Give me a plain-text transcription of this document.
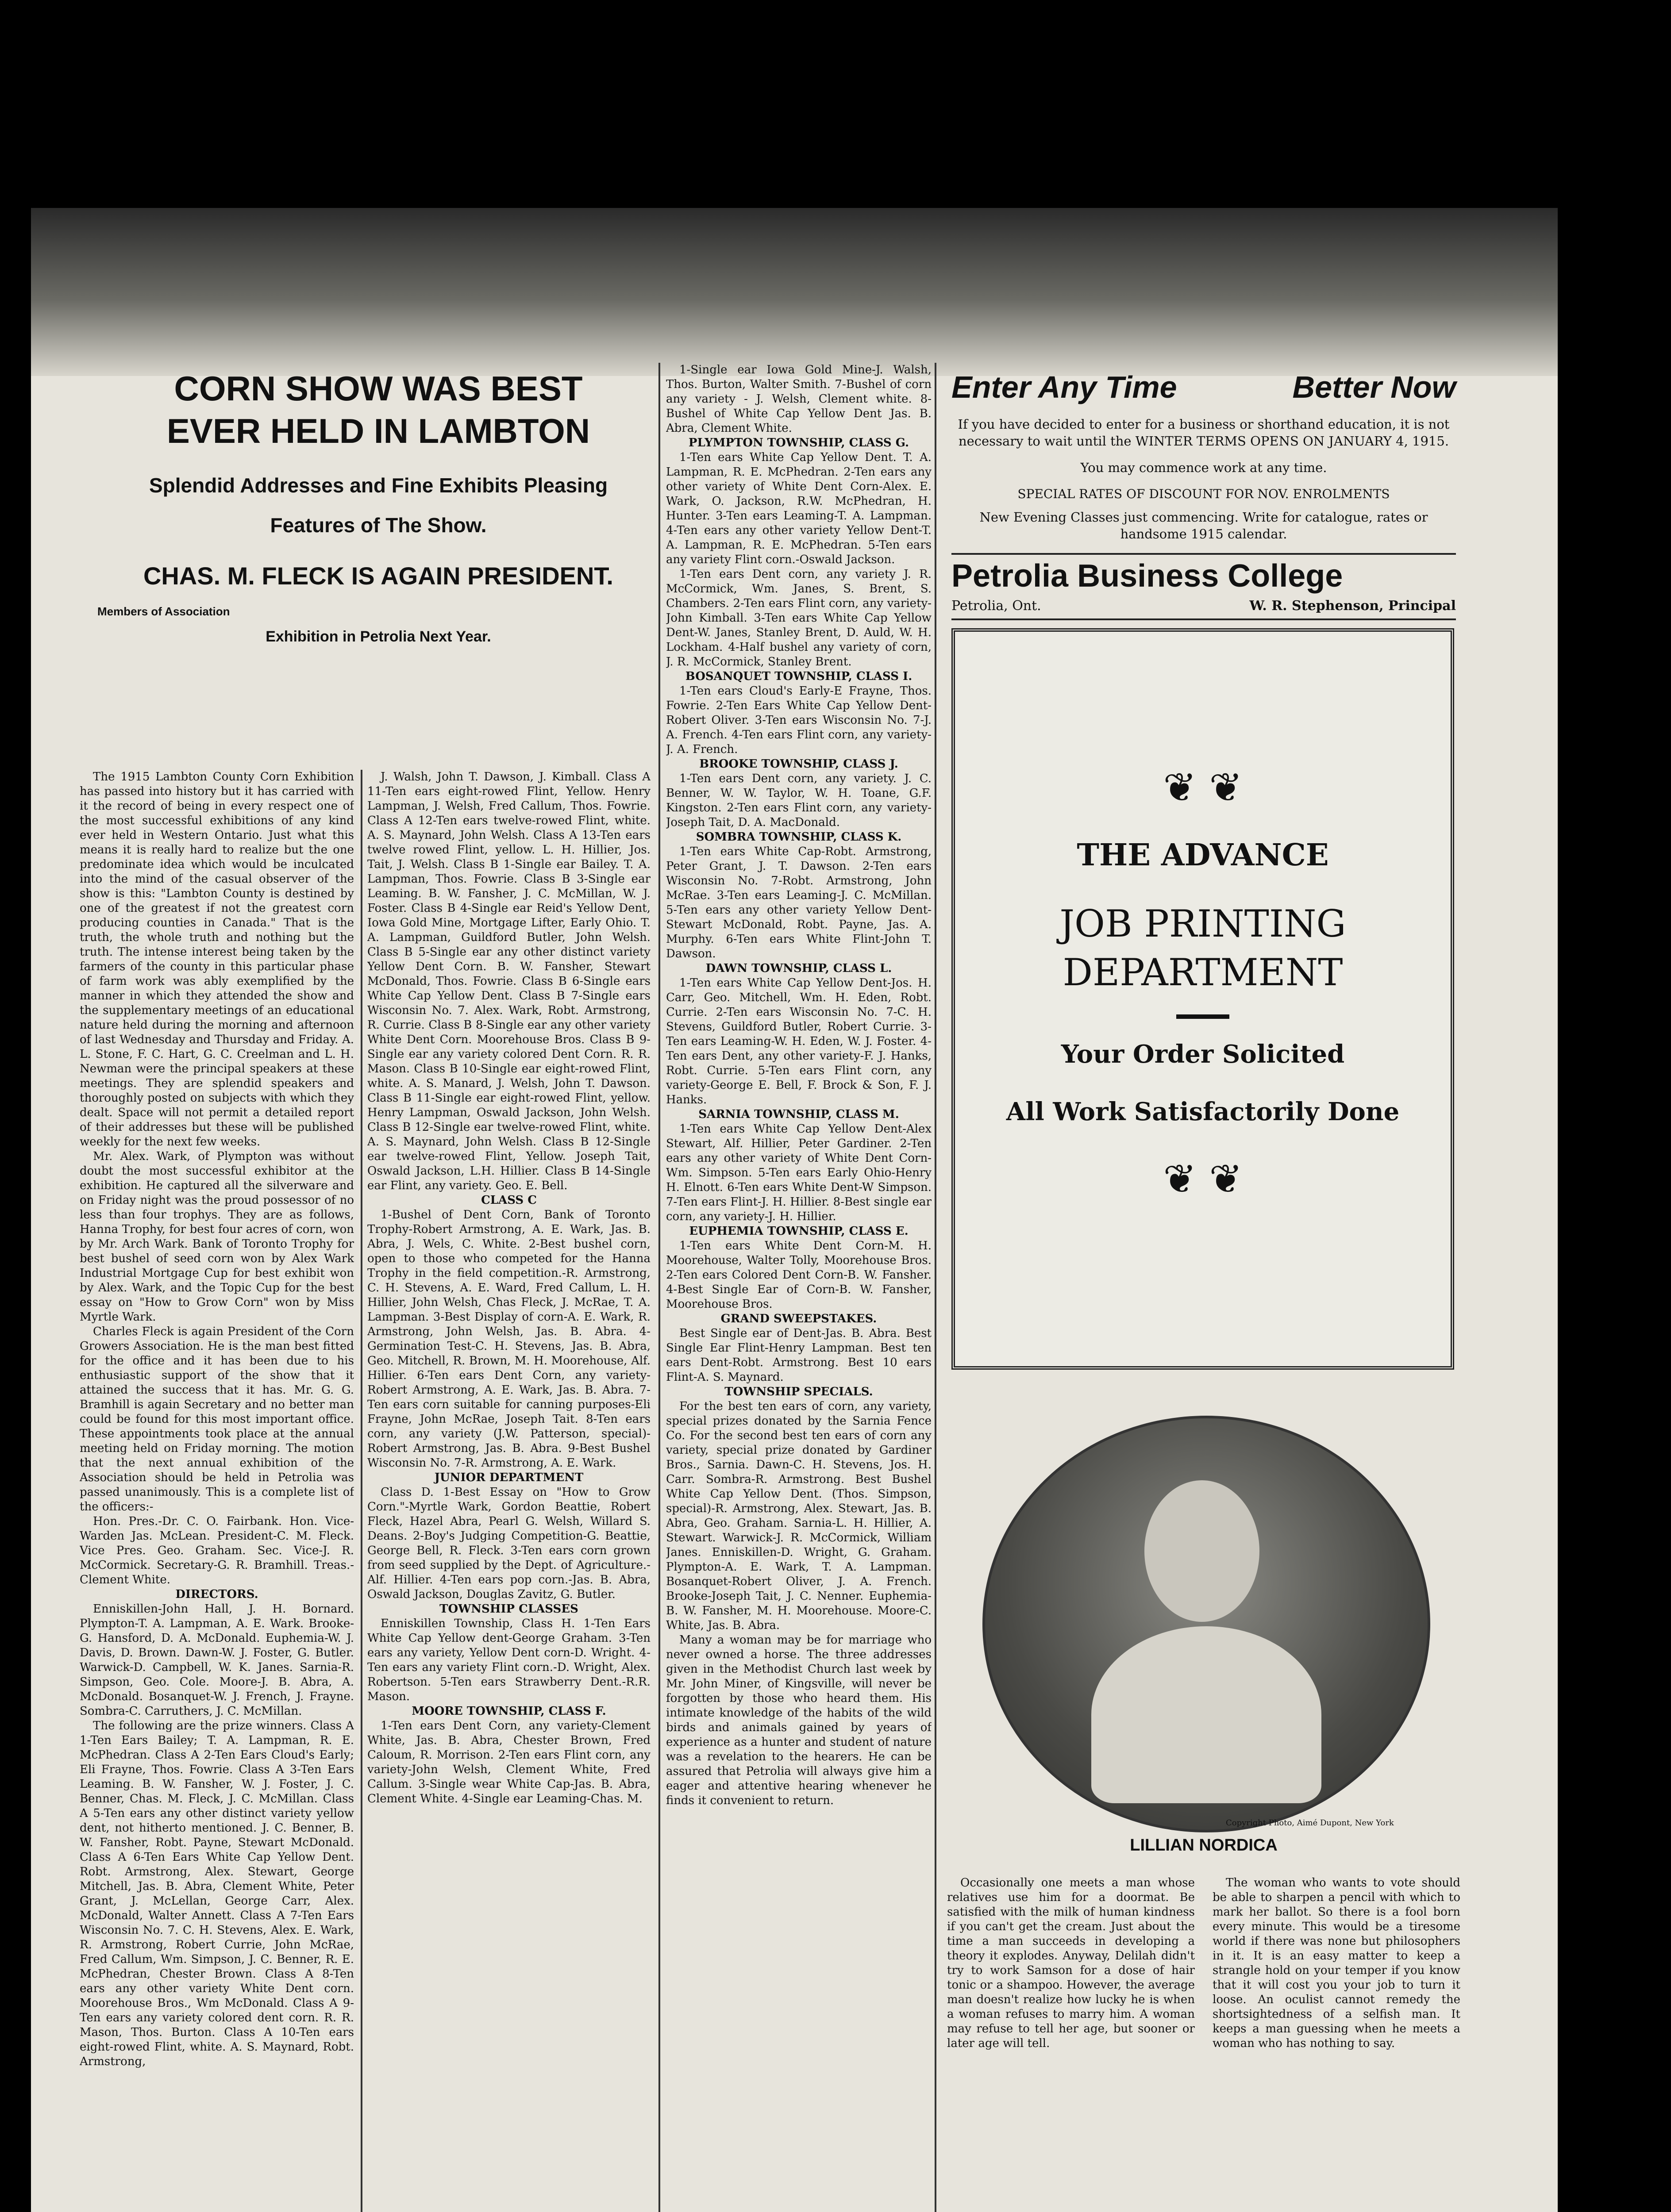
CORN SHOW WAS BEST
EVER HELD IN LAMBTON
Splendid Addresses and Fine Exhibits Pleasing
Features of The Show.
CHAS. M. FLECK IS AGAIN PRESIDENT.
Members of Association
Exhibition in Petrolia Next Year.

The 1915 Lambton County Corn Exhibition has passed into history but it has carried with it the record of being in every respect one of the most successful exhibitions of any kind ever held in Western Ontario. Just what this means it is really hard to realize but the one predominate idea which would be inculcated into the mind of the casual observer of the show is this: "Lambton County is destined by one of the greatest if not the greatest corn producing counties in Canada." That is the truth, the whole truth and nothing but the truth. The intense interest being taken by the farmers of the county in this particular phase of farm work was ably exemplified by the manner in which they attended the show and the supplementary meetings of an educational nature held during the morning and afternoon of last Wednesday and Thursday and Friday. A. L. Stone, F. C. Hart, G. C. Creelman and L. H. Newman were the principal speakers at these meetings. They are splendid speakers and thoroughly posted on subjects with which they dealt. Space will not permit a detailed report of their addresses but these will be published weekly for the next few weeks.

Mr. Alex. Wark, of Plympton was without doubt the most successful exhibitor at the exhibition. He captured all the silverware and on Friday night was the proud possessor of no less than four trophys. They are as follows, Hanna Trophy, for best four acres of corn, won by Mr. Arch Wark. Bank of Toronto Trophy for best bushel of seed corn won by Alex Wark Industrial Mortgage Cup for best exhibit won by Alex. Wark, and the Topic Cup for the best essay on "How to Grow Corn" won by Miss Myrtle Wark.

Charles Fleck is again President of the Corn Growers Association. He is the man best fitted for the office and it has been due to his enthusiastic support of the show that it attained the success that it has. Mr. G. G. Bramhill is again Secretary and no better man could be found for this most important office. These appointments took place at the annual meeting held on Friday morning. The motion that the next annual exhibition of the Association should be held in Petrolia was passed unanimously. This is a complete list of the officers:-

Hon. Pres.-Dr. C. O. Fairbank. Hon. Vice-Warden Jas. McLean. President-C. M. Fleck. Vice Pres. Geo. Graham. Sec. Vice-J. R. McCormick. Secretary-G. R. Bramhill. Treas.-Clement White.

DIRECTORS.

Enniskillen-John Hall, J. H. Bornard. Plympton-T. A. Lampman, A. E. Wark. Brooke-G. Hansford, D. A. McDonald. Euphemia-W. J. Davis, D. Brown. Dawn-W. J. Foster, G. Butler. Warwick-D. Campbell, W. K. Janes. Sarnia-R. Simpson, Geo. Cole. Moore-J. B. Abra, A. McDonald. Bosanquet-W. J. French, J. Frayne. Sombra-C. Carruthers, J. C. McMillan.

The following are the prize winners. Class A 1-Ten Ears Bailey; T. A. Lampman, R. E. McPhedran. Class A 2-Ten Ears Cloud's Early; Eli Frayne, Thos. Fowrie. Class A 3-Ten Ears Leaming. B. W. Fansher, W. J. Foster, J. C. Benner, Chas. M. Fleck, J. C. McMillan. Class A 5-Ten ears any other distinct variety yellow dent, not hitherto mentioned. J. C. Benner, B. W. Fansher, Robt. Payne, Stewart McDonald. Class A 6-Ten Ears White Cap Yellow Dent. Robt. Armstrong, Alex. Stewart, George Mitchell, Jas. B. Abra, Clement White, Peter Grant, J. McLellan, George Carr, Alex. McDonald, Walter Annett. Class A 7-Ten Ears Wisconsin No. 7. C. H. Stevens, Alex. E. Wark, R. Armstrong, Robert Currie, John McRae, Fred Callum, Wm. Simpson, J. C. Benner, R. E. McPhedran, Chester Brown. Class A 8-Ten ears any other variety White Dent corn. Moorehouse Bros., Wm McDonald. Class A 9-Ten ears any variety colored dent corn. R. R. Mason, Thos. Burton. Class A 10-Ten ears eight-rowed Flint, white. A. S. Maynard, Robt. Armstrong,

J. Walsh, John T. Dawson, J. Kimball. Class A 11-Ten ears eight-rowed Flint, Yellow. Henry Lampman, J. Welsh, Fred Callum, Thos. Fowrie. Class A 12-Ten ears twelve-rowed Flint, white. A. S. Maynard, John Welsh. Class A 13-Ten ears twelve rowed Flint, yellow. L. H. Hillier, Jos. Tait, J. Welsh. Class B 1-Single ear Bailey. T. A. Lampman, Thos. Fowrie. Class B 3-Single ear Leaming. B. W. Fansher, J. C. McMillan, W. J. Foster. Class B 4-Single ear Reid's Yellow Dent, Iowa Gold Mine, Mortgage Lifter, Early Ohio. T. A. Lampman, Guildford Butler, John Welsh. Class B 5-Single ear any other distinct variety Yellow Dent Corn. B. W. Fansher, Stewart McDonald, Thos. Fowrie. Class B 6-Single ears White Cap Yellow Dent. Class B 7-Single ears Wisconsin No. 7. Alex. Wark, Robt. Armstrong, R. Currie. Class B 8-Single ear any other variety White Dent Corn. Moorehouse Bros. Class B 9-Single ear any variety colored Dent Corn. R. R. Mason. Class B 10-Single ear eight-rowed Flint, white. A. S. Manard, J. Welsh, John T. Dawson. Class B 11-Single ear eight-rowed Flint, yellow. Henry Lampman, Oswald Jackson, John Welsh. Class B 12-Single ear twelve-rowed Flint, white. A. S. Maynard, John Welsh. Class B 12-Single ear twelve-rowed Flint, Yellow. Joseph Tait, Oswald Jackson, L.H. Hillier. Class B 14-Single ear Flint, any variety. Geo. E. Bell.

CLASS C

1-Bushel of Dent Corn, Bank of Toronto Trophy-Robert Armstrong, A. E. Wark, Jas. B. Abra, J. Wels, C. White. 2-Best bushel corn, open to those who competed for the Hanna Trophy in the field competition.-R. Armstrong, C. H. Stevens, A. E. Ward, Fred Callum, L. H. Hillier, John Welsh, Chas Fleck, J. McRae, T. A. Lampman. 3-Best Display of corn-A. E. Wark, R. Armstrong, John Welsh, Jas. B. Abra. 4-Germination Test-C. H. Stevens, Jas. B. Abra, Geo. Mitchell, R. Brown, M. H. Moorehouse, Alf. Hillier. 6-Ten ears Dent Corn, any variety-Robert Armstrong, A. E. Wark, Jas. B. Abra. 7-Ten ears corn suitable for canning purposes-Eli Frayne, John McRae, Joseph Tait. 8-Ten ears corn, any variety (J.W. Patterson, special)-Robert Armstrong, Jas. B. Abra. 9-Best Bushel Wisconsin No. 7-R. Armstrong, A. E. Wark.

JUNIOR DEPARTMENT

Class D. 1-Best Essay on "How to Grow Corn."-Myrtle Wark, Gordon Beattie, Robert Fleck, Hazel Abra, Pearl G. Welsh, Willard S. Deans. 2-Boy's Judging Competition-G. Beattie, George Bell, R. Fleck. 3-Ten ears corn grown from seed supplied by the Dept. of Agriculture.-Alf. Hillier. 4-Ten ears pop corn.-Jas. B. Abra, Oswald Jackson, Douglas Zavitz, G. Butler.

TOWNSHIP CLASSES

Enniskillen Township, Class H. 1-Ten Ears White Cap Yellow dent-George Graham. 3-Ten ears any variety, Yellow Dent corn-D. Wright. 4-Ten ears any variety Flint corn.-D. Wright, Alex. Robertson. 5-Ten ears Strawberry Dent.-R.R. Mason.

MOORE TOWNSHIP, CLASS F.

1-Ten ears Dent Corn, any variety-Clement White, Jas. B. Abra, Chester Brown, Fred Caloum, R. Morrison. 2-Ten ears Flint corn, any variety-John Welsh, Clement White, Fred Callum. 3-Single wear White Cap-Jas. B. Abra, Clement White. 4-Single ear Leaming-Chas. M.

1-Single ear Iowa Gold Mine-J. Walsh, Thos. Burton, Walter Smith. 7-Bushel of corn any variety - J. Welsh, Clement white. 8-Bushel of White Cap Yellow Dent Jas. B. Abra, Clement White.

PLYMPTON TOWNSHIP, CLASS G.

1-Ten ears White Cap Yellow Dent. T. A. Lampman, R. E. McPhedran. 2-Ten ears any other variety of White Dent Corn-Alex. E. Wark, O. Jackson, R.W. McPhedran, H. Hunter. 3-Ten ears Leaming-T. A. Lampman. 4-Ten ears any other variety Yellow Dent-T. A. Lampman, R. E. McPhedran. 5-Ten ears any variety Flint corn.-Oswald Jackson.

1-Ten ears Dent corn, any variety J. R. McCormick, Wm. Janes, S. Brent, S. Chambers. 2-Ten ears Flint corn, any variety-John Kimball. 3-Ten ears White Cap Yellow Dent-W. Janes, Stanley Brent, D. Auld, W. H. Lockham. 4-Half bushel any variety of corn, J. R. McCormick, Stanley Brent.

BOSANQUET TOWNSHIP, CLASS I.

1-Ten ears Cloud's Early-E Frayne, Thos. Fowrie. 2-Ten Ears White Cap Yellow Dent-Robert Oliver. 3-Ten ears Wisconsin No. 7-J. A. French. 4-Ten ears Flint corn, any variety-J. A. French.

BROOKE TOWNSHIP, CLASS J.

1-Ten ears Dent corn, any variety. J. C. Benner, W. W. Taylor, W. H. Toane, G.F. Kingston. 2-Ten ears Flint corn, any variety-Joseph Tait, D. A. MacDonald.

SOMBRA TOWNSHIP, CLASS K.

1-Ten ears White Cap-Robt. Armstrong, Peter Grant, J. T. Dawson. 2-Ten ears Wisconsin No. 7-Robt. Armstrong, John McRae. 3-Ten ears Leaming-J. C. McMillan. 5-Ten ears any other variety Yellow Dent-Stewart McDonald, Robt. Payne, Jas. A. Murphy. 6-Ten ears White Flint-John T. Dawson.

DAWN TOWNSHIP, CLASS L.

1-Ten ears White Cap Yellow Dent-Jos. H. Carr, Geo. Mitchell, Wm. H. Eden, Robt. Currie. 2-Ten ears Wisconsin No. 7-C. H. Stevens, Guildford Butler, Robert Currie. 3-Ten ears Leaming-W. H. Eden, W. J. Foster. 4-Ten ears Dent, any other variety-F. J. Hanks, Robt. Currie. 5-Ten ears Flint corn, any variety-George E. Bell, F. Brock & Son, F. J. Hanks.

SARNIA TOWNSHIP, CLASS M.

1-Ten ears White Cap Yellow Dent-Alex Stewart, Alf. Hillier, Peter Gardiner. 2-Ten ears any other variety of White Dent Corn-Wm. Simpson. 5-Ten ears Early Ohio-Henry H. Elnott. 6-Ten ears White Dent-W Simpson. 7-Ten ears Flint-J. H. Hillier. 8-Best single ear corn, any variety-J. H. Hillier.

EUPHEMIA TOWNSHIP, CLASS E.

1-Ten ears White Dent Corn-M. H. Moorehouse, Walter Tolly, Moorehouse Bros. 2-Ten ears Colored Dent Corn-B. W. Fansher. 4-Best Single Ear of Corn-B. W. Fansher, Moorehouse Bros.

GRAND SWEEPSTAKES.

Best Single ear of Dent-Jas. B. Abra. Best Single Ear Flint-Henry Lampman. Best ten ears Dent-Robt. Armstrong. Best 10 ears Flint-A. S. Maynard.

TOWNSHIP SPECIALS.

For the best ten ears of corn, any variety, special prizes donated by the Sarnia Fence Co. For the second best ten ears of corn any variety, special prize donated by Gardiner Bros., Sarnia. Dawn-C. H. Stevens, Jos. H. Carr. Sombra-R. Armstrong. Best Bushel White Cap Yellow Dent. (Thos. Simpson, special)-R. Armstrong, Alex. Stewart, Jas. B. Abra, Geo. Graham. Sarnia-L. H. Hillier, A. Stewart. Warwick-J. R. McCormick, William Janes. Enniskillen-D. Wright, G. Graham. Plympton-A. E. Wark, T. A. Lampman. Bosanquet-Robert Oliver, J. A. French. Brooke-Joseph Tait, J. C. Nenner. Euphemia-B. W. Fansher, M. H. Moorehouse. Moore-C. White, Jas. B. Abra.

Many a woman may be for marriage who never owned a horse. The three addresses given in the Methodist Church last week by Mr. John Miner, of Kingsville, will never be forgotten by those who heard them. His intimate knowledge of the habits of the wild birds and animals gained by years of experience as a hunter and student of nature was a revelation to the hearers. He can be assured that Petrolia will always give him a eager and attentive hearing whenever he finds it convenient to return.

Enter Any Time	Better Now

If you have decided to enter for a business or shorthand education, it is not necessary to wait until the WINTER TERMS OPENS ON JANUARY 4, 1915.

You may commence work at any time.

SPECIAL RATES OF DISCOUNT FOR NOV. ENROLMENTS

New Evening Classes just commencing. Write for catalogue, rates or handsome 1915 calendar.

Petrolia Business College
Petrolia, Ont.	W. R. Stephenson, Principal
❦ ❦
THE ADVANCE
JOB PRINTING
DEPARTMENT
Your Order Solicited
All Work Satisfactorily Done
❦ ❦
Copyright Photo, Aimé Dupont, New York
LILLIAN NORDICA

Occasionally one meets a man whose relatives use him for a doormat. Be satisfied with the milk of human kindness if you can't get the cream. Just about the time a man succeeds in developing a theory it explodes. Anyway, Delilah didn't try to work Samson for a dose of hair tonic or a shampoo. However, the average man doesn't realize how lucky he is when a woman refuses to marry him. A woman may refuse to tell her age, but sooner or later age will tell.

The woman who wants to vote should be able to sharpen a pencil with which to mark her ballot. So there is a fool born every minute. This would be a tiresome world if there was none but philosophers in it. It is an easy matter to keep a strangle hold on your temper if you know that it will cost you your job to turn it loose. An oculist cannot remedy the shortsightedness of a selfish man. It keeps a man guessing when he meets a woman who has nothing to say.
